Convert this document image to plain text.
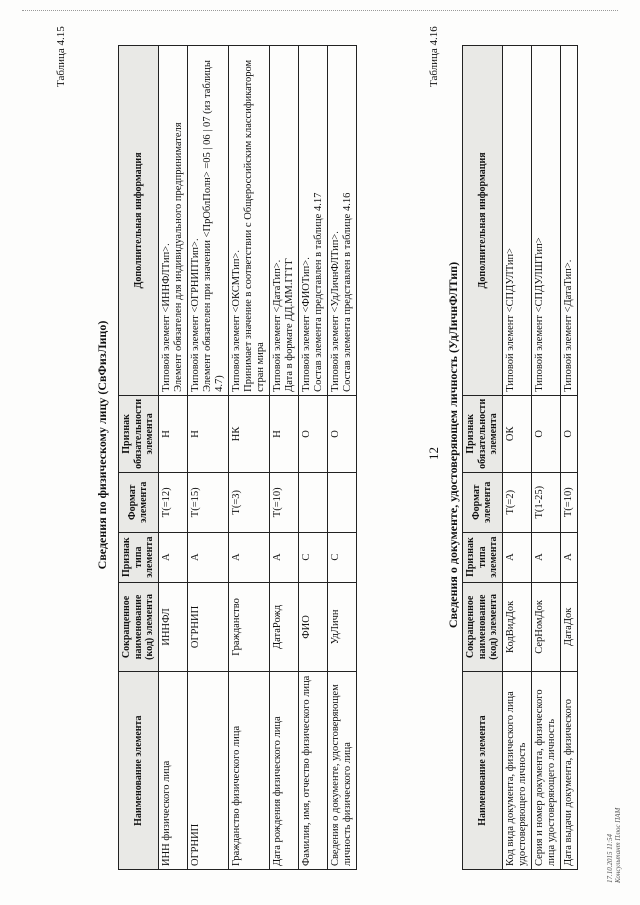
12
Таблица 4.15
Сведения по физическому лицу (СвФизЛицо)
Наименование элемента	Сокращенное наименование (код) элемента	Признак типа элемента	Формат элемента	Признак обязательности элемента	Дополнительная информация
ИНН физического лица	ИННФЛ	А	T(=12)	Н	Типовой элемент <ИННФЛТип>.
Элемент обязателен для индивидуального предпринимателя
ОГРНИП	ОГРНИП	А	T(=15)	Н	Типовой элемент <ОГРНИПТип>.
Элемент обязателен при значении <ПрОблПолн> =05 | 06 | 07 (из таблицы 4.7)
Гражданство физического лица	Гражданство	А	T(=3)	НК	Типовой элемент <ОКСМТип>.
Принимает значение в соответствии с Общероссийским классификатором стран мира
Дата рождения физического лица	ДатаРожд	А	T(=10)	Н	Типовой элемент <ДатаТип>.
Дата в формате ДД.ММ.ГГГГ
Фамилия, имя, отчество физического лица	ФИО	С		О	Типовой элемент <ФИОТип>.
Состав элемента представлен в таблице 4.17
Сведения о документе, удостоверяющем личность физического лица	УдЛичн	С		О	Типовой элемент <УдЛичнФЛТип>.
Состав элемента представлен в таблице 4.16
Таблица 4.16
Сведения о документе, удостоверяющем личность (УдЛичнФЛТип)
Наименование элемента	Сокращенное наименование (код) элемента	Признак типа элемента	Формат элемента	Признак обязательности элемента	Дополнительная информация
Код вида документа, физического лица удостоверяющего личность	КодВидДок	А	T(=2)	ОК	Типовой элемент <СПДУЛТип>
Серия и номер документа, физического лица удостоверяющего личность	СерНомДок	А	T(1-25)	О	Типовой элемент <СПДУЛШТип>
Дата выдачи документа, физического	ДатаДок	А	T(=10)	О	Типовой элемент <ДатаТип>.
17.10.2015 11:54
Консультант Плюс ПАМ
